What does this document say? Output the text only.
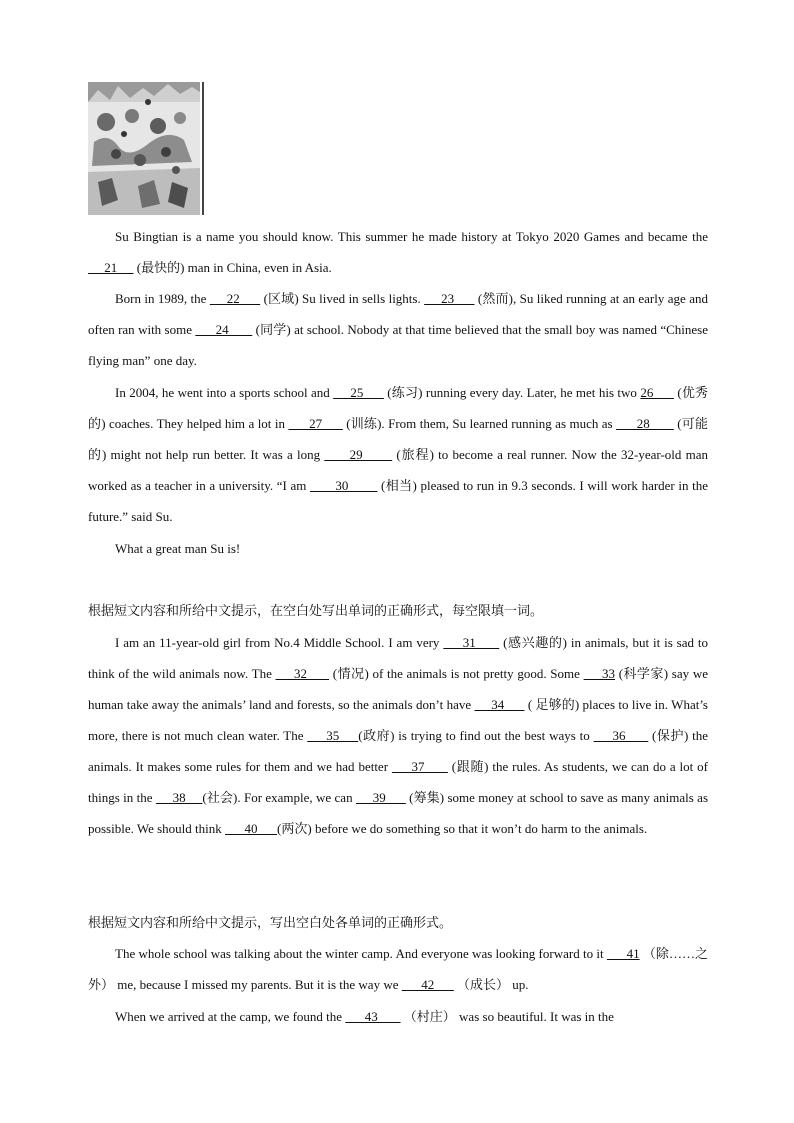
Su Bingtian is a name you should know. This summer he made history at Tokyo 2020 Games and became the      21      (最快的) man in China, even in Asia.
Born in 1989, the      22       (区域) Su lived in sells lights.      23       (然而), Su liked running at an early age and often ran with some       24        (同学) at school. Nobody at that time believed that the small boy was named “Chinese flying man” one day.
In 2004, he went into a sports school and      25       (练习) running every day. Later, he met his two 26       (优秀的) coaches. They helped him a lot in       27       (训练). From them, Su learned running as much as       28        (可能的) might not help run better. It was a long       29        (旅程) to become a real runner. Now the 32-year-old man worked as a teacher in a university. “I am        30         (相当) pleased to run in 9.3 seconds. I will work harder in the future.” said Su.
What a great man Su is!
根据短文内容和所给中文提示，在空白处写出单词的正确形式，每空限填一词。
I am an 11-year-old girl from No.4 Middle School. I am very      31       (感兴趣的) in animals, but it is sad to think of the wild animals now. The      32       (情况) of the animals is not pretty good. Some      33 (科学家) say we human take away the animals’ land and forests, so the animals don’t have      34       ( 足够的) places to live in. What’s more, there is not much clean water. The      35     (政府) is trying to find out the best ways to      36       (保护) the animals. It makes some rules for them and we had better      37       (跟随) the rules. As students, we can do a lot of things in the      38     (社会). For example, we can      39       (筹集) some money at school to save as many animals as possible. We should think       40      (两次) before we do something so that it won’t do harm to the animals.
根据短文内容和所给中文提示，写出空白处各单词的正确形式。
The whole school was talking about the winter camp. And everyone was looking forward to it       41 （除……之外） me, because I missed my parents. But it is the way we       42       （成长） up.
When we arrived at the camp, we found the       43        （村庄） was so beautiful. It was in the
